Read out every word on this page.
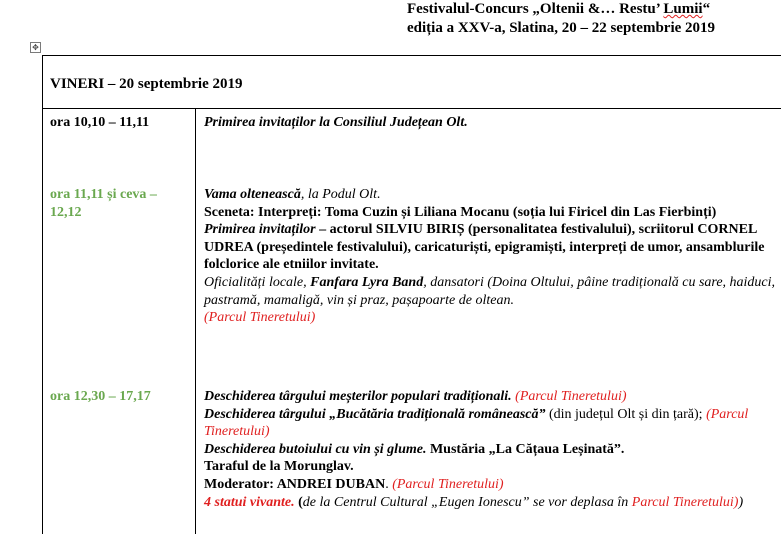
Festivalul-Concurs „Oltenii &… Restu’ Lumii“
ediția a XXV-a, Slatina, 20 – 22 septembrie 2019
✥
VINERI – 20 septembrie 2019
ora 10,10 – 11,11	Primirea invitaților la Consiliul Județean Olt.
ora 11,11 și ceva –
12,12

Vama oltenească, la Podul Olt.

Sceneta: Interpreți: Toma Cuzin și Liliana Mocanu (soția lui Firicel din Las Fierbinți)

Primirea invitaților – actorul SILVIU BIRIȘ (personalitatea festivalului), scriitorul CORNEL UDREA (președintele festivalului), caricaturiști, epigramiști, interpreți de umor, ansamblurile folclorice ale etniilor invitate.

Oficialități locale, Fanfara Lyra Band, dansatori (Doina Oltului, pâine tradițională cu sare, haiduci, pastramă, mamaligă, vin și praz, pașapoarte de oltean.

(Parcul Tineretului)

ora 12,30 – 17,17	Deschiderea târgului meșterilor populari tradiționali. (Parcul Tineretului)

Deschiderea târgului „Bucătăria tradițională românească” (din județul Olt și din țară); (Parcul Tineretului)

Deschiderea butoiului cu vin și glume. Mustăria „La Cățaua Leșinată”.

Taraful de la Morunglav.

Moderator: ANDREI DUBAN. (Parcul Tineretului)

4 statui vivante. (de la Centrul Cultural „Eugen Ionescu” se vor deplasa în Parcul Tineretului))
